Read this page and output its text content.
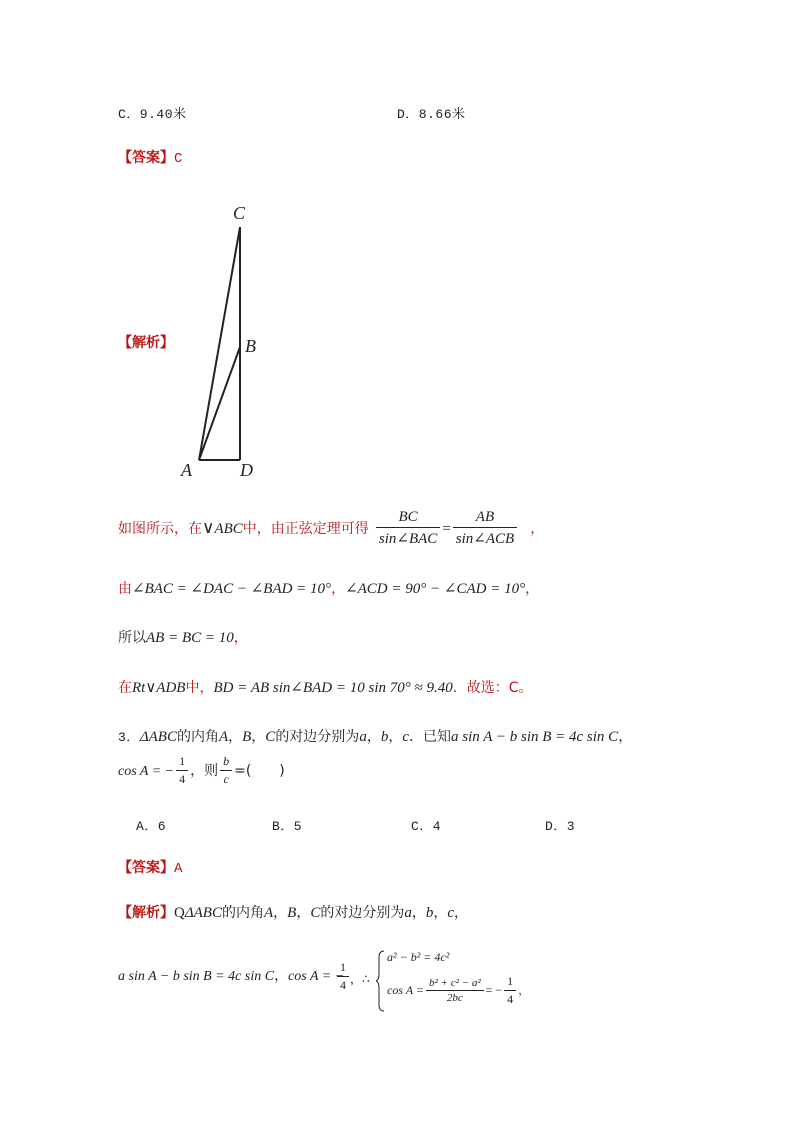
C．9.40米	D．8.66米
【答案】C
【解析】
C
B
A	D
如图所示，在∨ABC中，由正弦定理可得 $\frac{BC}{\text{sin∠BAC}} = \frac{AB}{\text{sin∠ACB}}$ ，
由∠BAC = ∠DAC − ∠BAD = 10°，∠ACD = 90° − ∠CAD = 10°，
所以AB = BC = 10，
在Rt∨ADB中，BD = AB sin∠BAD = 10 sin 70° ≈ 9.40．故选：C。
3．ΔABC的内角A，B，C的对边分别为a，b，c．已知a sin A − b sin B = 4c sin C，
cos A = − $\frac{1}{4}$ ，则 $\frac{b}{c}$ =(　　)
A．6	B．5	C．4	D．3
【答案】A
【解析】QΔABC的内角A，B，C的对边分别为a，b，c，
a sin A − b sin B = 4c sin C，cos A = −
$\frac{1}{4}$ ，∴
a² − b² = 4c²
$\cos A = \frac{\text{b² + c² − a²}}{2bc}$ = − $\frac{1}{4}$ ，
